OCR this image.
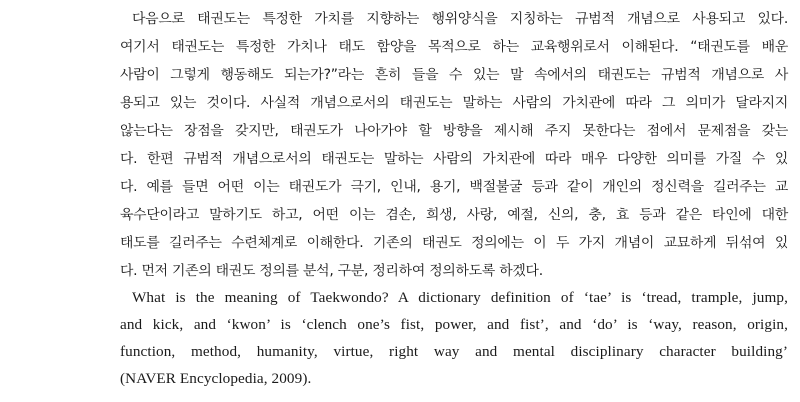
다음으로 태권도는 특정한 가치를 지향하는 행위양식을 지칭하는 규범적 개념으로 사용되고 있다.
여기서 태권도는 특정한 가치나 태도 함양을 목적으로 하는 교육행위로서 이해된다. “태권도를 배운
사람이 그렇게 행동해도 되는가?”라는 흔히 들을 수 있는 말 속에서의 태권도는 규범적 개념으로 사
용되고 있는 것이다. 사실적 개념으로서의 태권도는 말하는 사람의 가치관에 따라 그 의미가 달라지지
않는다는 장점을 갖지만, 태권도가 나아가야 할 방향을 제시해 주지 못한다는 점에서 문제점을 갖는
다. 한편 규범적 개념으로서의 태권도는 말하는 사람의 가치관에 따라 매우 다양한 의미를 가질 수 있
다. 예를 들면 어떤 이는 태권도가 극기, 인내, 용기, 백절불굴 등과 같이 개인의 정신력을 길러주는 교
육수단이라고 말하기도 하고, 어떤 이는 겸손, 희생, 사랑, 예절, 신의, 충, 효 등과 같은 타인에 대한
태도를 길러주는 수련체계로 이해한다. 기존의 태권도 정의에는 이 두 가지 개념이 교묘하게 뒤섞여 있
다. 먼저 기존의 태권도 정의를 분석, 구분, 정리하여 정의하도록 하겠다.
What is the meaning of Taekwondo? A dictionary definition of ‘tae’ is ‘tread, trample, jump,
and kick, and ‘kwon’ is ‘clench one’s fist, power, and fist’, and ‘do’ is ‘way, reason, origin,
function, method, humanity, virtue, right way and mental disciplinary character building’
(NAVER Encyclopedia, 2009).
